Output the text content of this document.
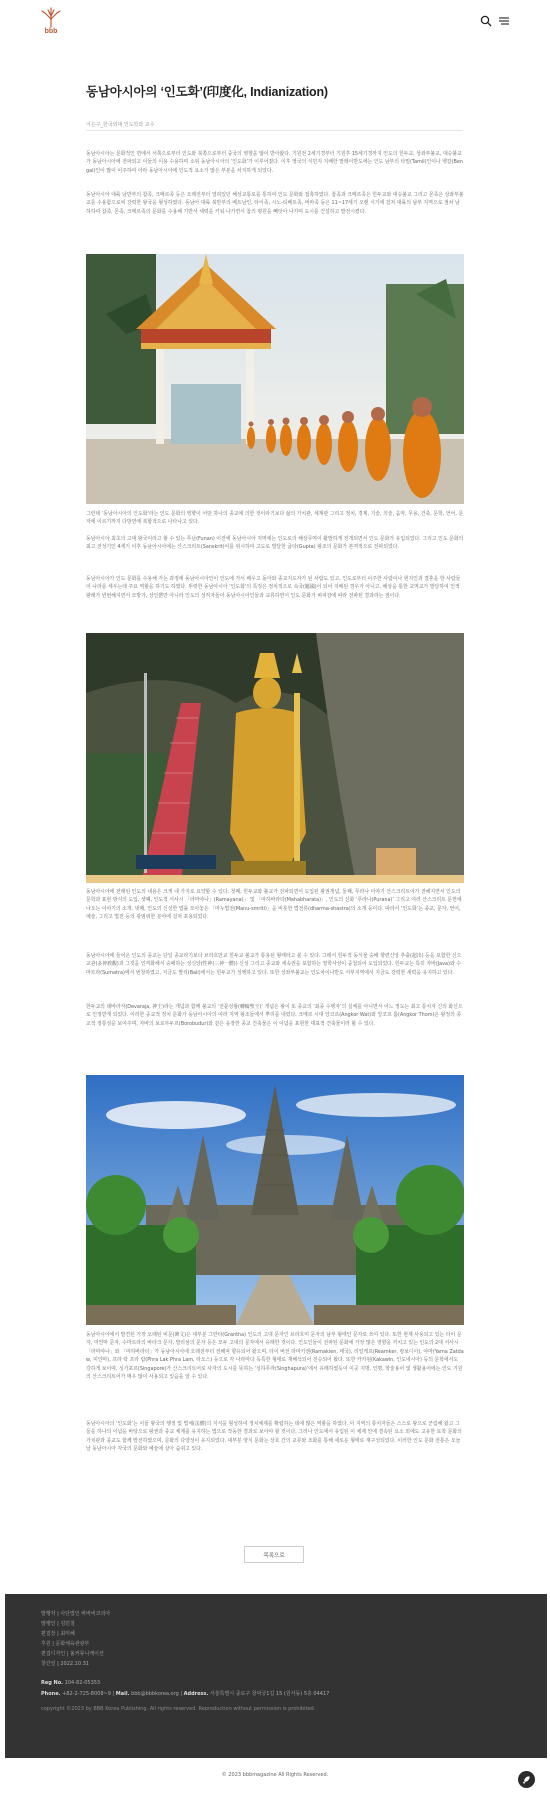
bbb
동남아시아의 ‘인도화’(印度化, Indianization)
이은구_한국외대 인도학과 교수

동남아시아는 문화적인 면에서 서쪽으로부터 인도와 북쪽으로부터 중국의 영향을 많이 받아왔다. 기원전 2세기경부터 기원후 15세기경까지 인도의 힌두교, 상좌부불교, 대승불교가 동남아시아에 전파되고 이들의 이용 수용하며 소위 동남아시아의 ‘인도화’가 이루어졌다. 이후 영국의 식민지 지배한 말레이반도에는 인도 남부의 타밀(Tamil)인이나 벵갈(Bengal)인이 많이 이주하여 아라 동남아시아에 인도적 요소가 많은 부분을 차지하게 되었다.

동남아시아 대륙 남반부의 참족, 크메르족 등은 오래전부터 열려있던 해상교통로를 통하여 인도 문화와 접촉하였다. 참족과 크메르족은 힌두교와 대승불교 그리고 몬족은 상좌부불교를 수용함으로써 강력한 왕국을 형성하였다. 동남아 대륙 북반부의 베트남인, 타이족, 시노-티베트족, 버마족 등은 11~17세기 오랜 시기에 걸쳐 대륙의 남부 지역으로 점차 남하하여 참족, 몬족, 크메르족의 문화를 수용해 기반서 세력을 키워 나가면서 참의 평원을 빼앗아 나가며 도시를 건설하고 발전시켰다.

그런데 ‘동남아시아의 인도화’라는 인도 문화의 영향이 어떤 하나의 종교에 의한 것이라기보다 삶의 가치관, 세계관 그리고 정치, 경제, 기술, 의술, 음악, 무용, 건축, 문학, 언어, 문자에 이르기까지 다방면에 복합적으로 나타나고 있다.

동남아시아 최초의 고대 왕국이라고 할 수 있는 푸난(Funan) 이전에 동남아시아 지역에는 인도로의 해상무역이 활발하게 전개되면서 인도 문화가 유입되었다. 그리고 인도 문화의 최고 전성기인 4세기 이후 동남아시아에는 산스크리트(Sanskrit)어를 위시하여 고도로 발달한 굽타(Gupta) 왕조의 문화가 본격적으로 전파되었다.

동남아시아가 인도 문화를 수용해 가는 과정에 동남아시아인이 인도에 가서 배우고 돌아와 종교지도자가 된 사람도 있고, 인도로부터 이주한 사람이나 현지인과 결혼을 한 사람들이 나라를 세우는데 주요 역할을 하기도 하였다. 뚜렷한 동남아시아 ‘인도화’의 특징은 정치적으로 속국(屬國)이 되어 지배된 경우가 아니고, 해상을 통한 교역교가 발달하여 인적 왕래가 빈번해지면서 모방가, 상인뿐만 아니라 인도의 성직자들이 동남아시아인들과 교류하면서 인도 문화가 퍼져감에 따라 전파된 결과라는 점이다.

동남아시아에 전래된 인도의 내용은 크게 네 가지로 요약할 수 있다. 첫째, 힌두교와 불교가 전파되면서 도입된 왕권개념, 둘째, 푸라나 이야기 산스크리트어가 전해지면서 인도의 문학과 표현 방식의 도입, 셋째, 인도적 서사시 「라마야나」(Ramayana)」 및 「마하바라타(Mahabharata)」, 인도의 신화 ‘푸라나(Purana)’ 그리고 여러 산스크리트 문헌에 나오는 이야기의 소개, 넷째, 인도의 신성한 법률 모아놓은 「마누법전(Manu-smriti)」을 비롯한 법전류(dharma-shastra)의 소개 등이다. 따라서 ‘인도화’는 종교, 문자, 언어, 예술, 그리고 법전 등의 광범위한 분야에 걸쳐 포용되었다.

동남아시아에 들어온 인도의 종교는 단일 종교라기보다 브라흐만교 힌두교 불교가 통용된 형태라고 볼 수 있다. 그래서 힌두적 동식물 숭배 향련신앙 추출(超出) 등을 포함한 신으교관(多神敎觀)과 그것을 인격화해서 숭배하는 성신앙(性神(三神一體)) 신성 그리고 종교와 세속권을 포함하는 절학사상이 중첩되어 도입되었다. 힌두교는 특히 자바(Java)와 수마트라(Sumatra)에서 번창하였고, 지금도 발리(Bali)에서는 힌두교가 성행하고 있다. 또한 상좌부불교는 인도차이나반도 서부지역에서 지금도 강력한 세력을 유지하고 있다.

한두교의 데바라자(Devaraja, 神王)라는 개념과 함께 불교의 ‘전륜성왕(轉輪聖王)’ 개념은 왕이 또 종교의 ‘최종 수행자’의 실체를 아니면서 어느 정도는 최고 통치자 신의 화신으로 인정받게 되었다. 이러한 종교적 정치 문화가 동남아시아의 여러 지역 왕조들에서 뿌리를 내렸다. 크메르 시대 앙코르(Angkor Wat)와 앙코르 톰(Angkor Thom)은 왕정의 종교적 정통성을 보여주며, 자바의 보로부두르(Borobudur)와 같은 웅장한 종교 건축물은 이 이념을 표현한 대표적 건축물이라 할 수 있다.

동남아시아에서 발견된 가장 오래된 비문(碑文)은 대부분 그란타(Grantha) 인도의 고대 문자인 브라흐미 문자의 남부 형태인 문자로 쓰여 있다. 또한 현재 사용되고 있는 타이 문자, 미얀마 문자, 수마트라의 바타크 문자, 발리섬의 문자 등은 모두 고대의 문자에서 유래한 것이다. 인도인들이 전파된 문화에 가장 많은 영향을 끼치고 있는 인도의 2대 서사시 「라마야나」와 「마하바라타」가 동남아시아에 오래전부터 전해져 향유되어 왔으며, 타이 버전 라마키엔(Ramakien, 태국), 리얼케르(Reamker, 캄보디아), 야마(Yama Zatdaw, 미얀마), 프라 락 프라 람(Phra Lak Phra Lam, 라오스) 등으로 각 나라마다 독특한 형태로 재해석되어 전승되어 왔다. 또한 카카윈(Kakawin, 인도네시아) 등의 문학에서도 강하게 보이며, 싱가포르(Singapore)가 산스크리트어로 사자의 도시를 뜻하는 ‘싱하푸라(Singhapura)’에서 유래하였듯이 이곳 지명, 인명, 학술용어 및 생활용어에는 인도 기원의 산스크리트어가 매우 많이 사용되고 있음을 알 수 있다.

동남아시아의 ‘인도화’는 이들 왕국의 행정 및 법체(法體)의 지식을 형성하여 정치체제를 확립하는 데에 많은 역할을 하였다. 이 지역의 통치자들은 스스로 왕으로 군림해 왔고 그들을 하나의 이념을 바탕으로 왕권과 종교 체계를 유지하는 법으로 작동한 결과로 보아야 할 것이다. 그러나 인도에서 유입된 이 체제 안에 결속된 요소 외에도 고유한 토착 문화의 가치관과 종교도 함께 발전하였으며, 문화의 다양성이 유지되었다. 대부분 양식 문화는 상호 간의 교류와 조화를 통해 새로운 형태로 재구성되었다. 이러한 인도 문화 전통은 오늘날 동남아시아 각국의 문화와 예술에 살아 숨쉬고 있다.

목록으로
발행처 | 사단법인 바바비코리아
발행인 | 김민철
편집장 | 최미혜
후원 | 문화체육관광부
편집디자인 | 올커뮤니케이션
창간일 | 2022.10.31
Reg No. 104-82-05353
Phone. +82-2-725-8008~9 | Mail. bbb@bbbkorea.org | Address. 서울특별시 종로구 창덕궁1길 15 (원서동) 5층 04417
copyright ©2023 by BBB Korea Publishing. All rights reserved. Reproduction without permission is prohibited.
© 2023 bbbmagazine All Rights Reserved.
